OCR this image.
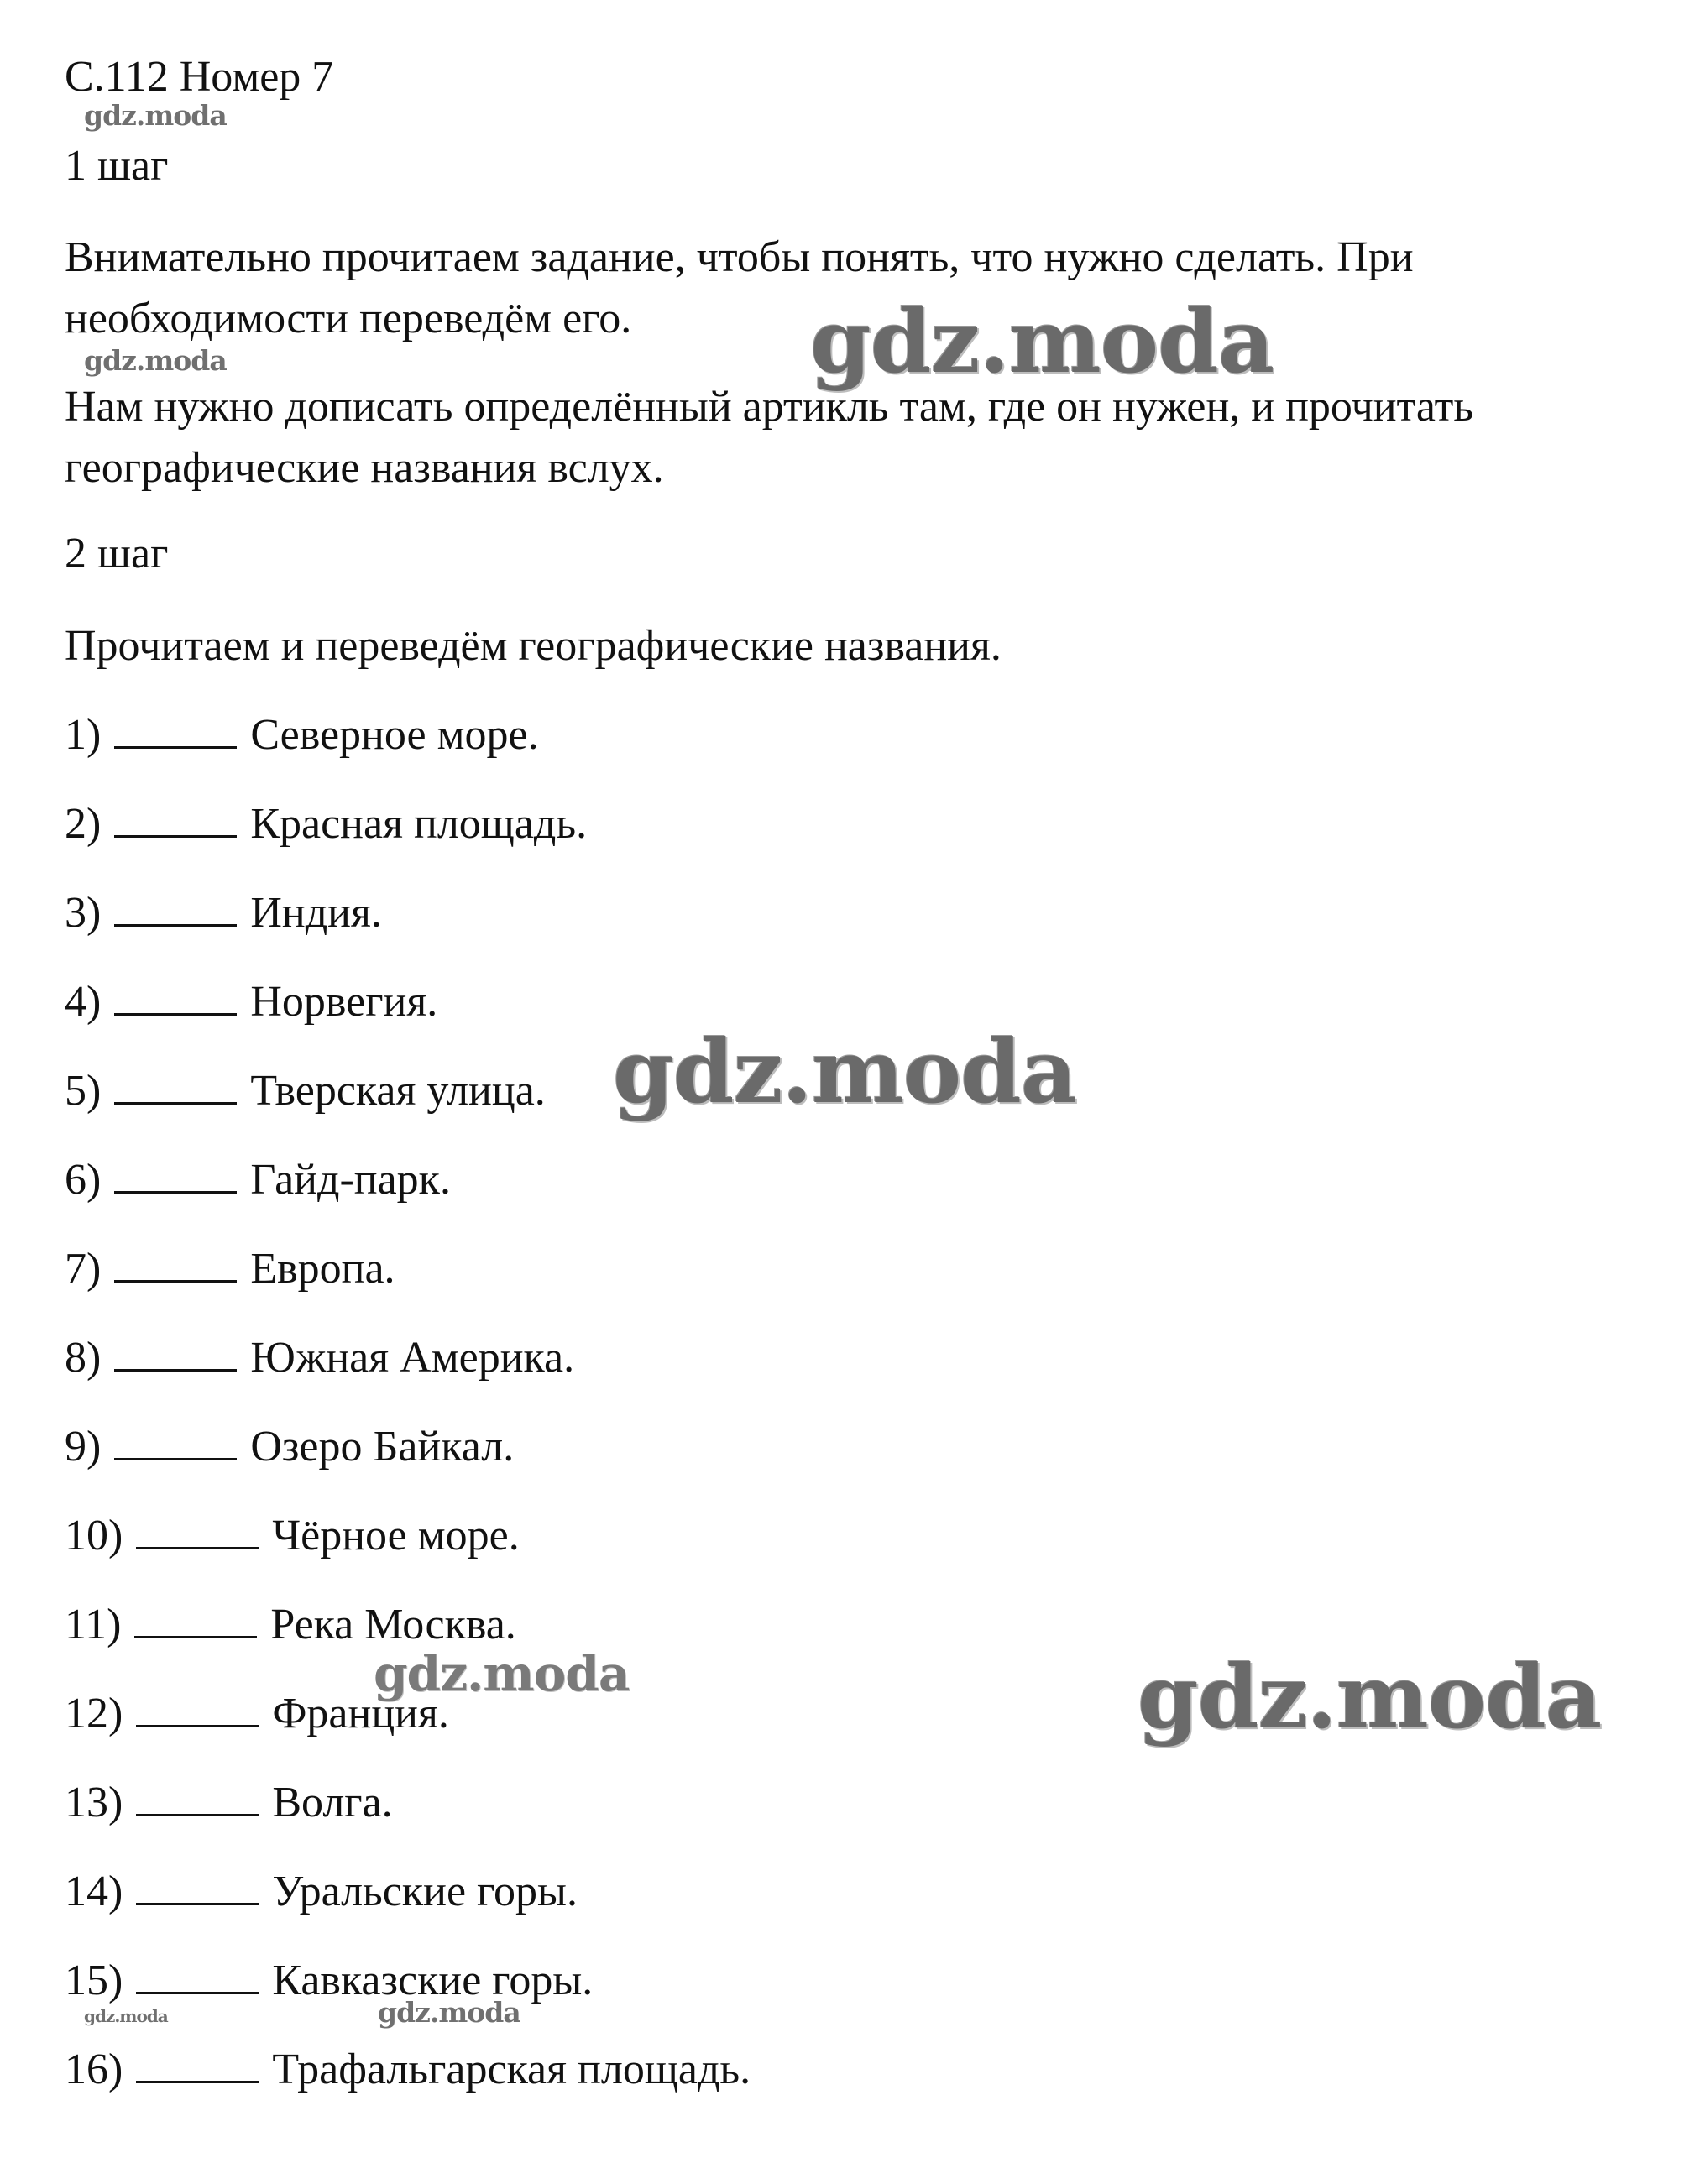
С.112 Номер 7
1 шаг
Внимательно прочитаем задание, чтобы понять, что нужно сделать. При
необходимости переведём его.
Нам нужно дописать определённый артикль там, где он нужен, и прочитать
географические названия вслух.
2 шаг
Прочитаем и переведём географические названия.
1)	Северное море.
2)	Красная площадь.
3)	Индия.
4)	Норвегия.
5)	Тверская улица.
6)	Гайд-парк.
7)	Европа.
8)	Южная Америка.
9)	Озеро Байкал.
10)	Чёрное море.
11)	Река Москва.
12)	Франция.
13)	Волга.
14)	Уральские горы.
15)	Кавказские горы.
16)	Трафальгарская площадь.
gdz.moda
gdz.moda
gdz.moda
gdz.moda
gdz.moda	gdz.moda
gdz.moda	gdz.moda
